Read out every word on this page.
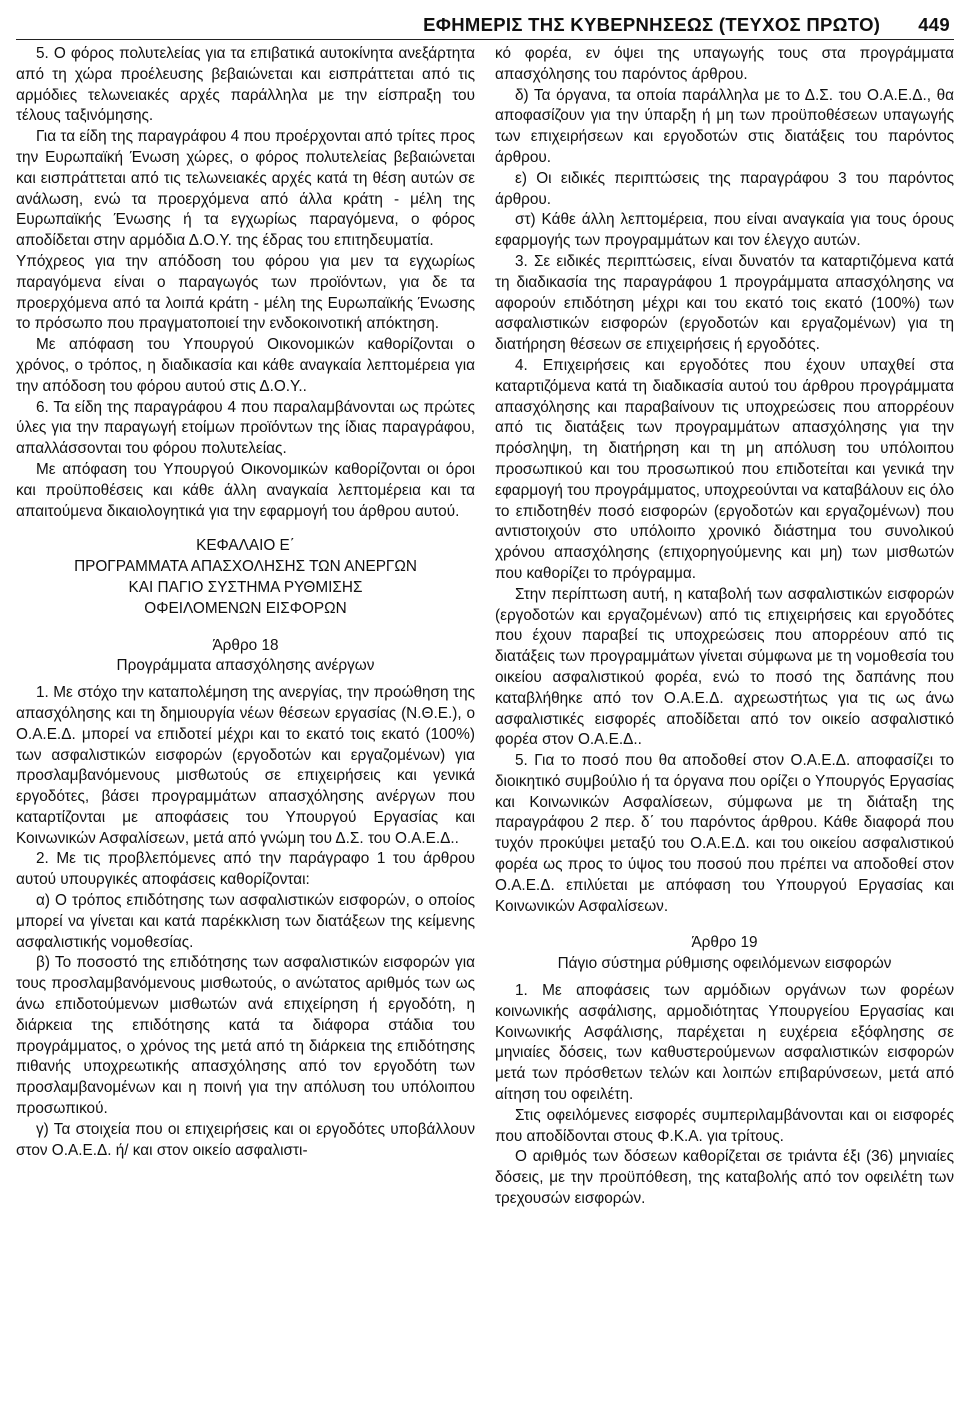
ΕΦΗΜΕΡΙΣ ΤΗΣ ΚΥΒΕΡΝΗΣΕΩΣ (ΤΕΥΧΟΣ ΠΡΩΤΟ) 449

5. Ο φόρος πολυτελείας για τα επιβατικά αυτοκίνητα ανεξάρτητα από τη χώρα προέλευσης βεβαιώνεται και εισπράττεται από τις αρμόδιες τελωνειακές αρχές παράλληλα με την είσπραξη του τέλους ταξινόμησης.

Για τα είδη της παραγράφου 4 που προέρχονται από τρίτες προς την Ευρωπαϊκή Ένωση χώρες, ο φόρος πολυτελείας βεβαιώνεται και εισπράττεται από τις τελωνειακές αρχές κατά τη θέση αυτών σε ανάλωση, ενώ τα προερχόμενα από άλλα κράτη - μέλη της Ευρωπαϊκής Ένωσης ή τα εγχωρίως παραγόμενα, ο φόρος αποδίδεται στην αρμόδια Δ.Ο.Υ. της έδρας του επιτηδευματία.

Υπόχρεος για την απόδοση του φόρου για μεν τα εγχωρίως παραγόμενα είναι ο παραγωγός των προϊόντων, για δε τα προερχόμενα από τα λοιπά κράτη - μέλη της Ευρωπαϊκής Ένωσης το πρόσωπο που πραγματοποιεί την ενδοκοινοτική απόκτηση.

Με απόφαση του Υπουργού Οικονομικών καθορίζονται ο χρόνος, ο τρόπος, η διαδικασία και κάθε αναγκαία λεπτομέρεια για την απόδοση του φόρου αυτού στις Δ.Ο.Υ..

6. Τα είδη της παραγράφου 4 που παραλαμβάνονται ως πρώτες ύλες για την παραγωγή ετοίμων προϊόντων της ίδιας παραγράφου, απαλλάσσονται του φόρου πολυτελείας.

Με απόφαση του Υπουργού Οικονομικών καθορίζονται οι όροι και προϋποθέσεις και κάθε άλλη αναγκαία λεπτομέρεια και τα απαιτούμενα δικαιολογητικά για την εφαρμογή του άρθρου αυτού.

ΚΕΦΑΛΑΙΟ Ε΄
ΠΡΟΓΡΑΜΜΑΤΑ ΑΠΑΣΧΟΛΗΣΗΣ ΤΩΝ ΑΝΕΡΓΩΝ
ΚΑΙ ΠΑΓΙΟ ΣΥΣΤΗΜΑ ΡΥΘΜΙΣΗΣ
ΟΦΕΙΛΟΜΕΝΩΝ ΕΙΣΦΟΡΩΝ
Άρθρο 18
Προγράμματα απασχόλησης ανέργων

1. Με στόχο την καταπολέμηση της ανεργίας, την προώθηση της απασχόλησης και τη δημιουργία νέων θέσεων εργασίας (Ν.Θ.Ε.), ο Ο.Α.Ε.Δ. μπορεί να επιδοτεί μέχρι και το εκατό τοις εκατό (100%) των ασφαλιστικών εισφορών (εργοδοτών και εργαζομένων) για προσλαμβανόμενους μισθωτούς σε επιχειρήσεις και γενικά εργοδότες, βάσει προγραμμάτων απασχόλησης ανέργων που καταρτίζονται με αποφάσεις του Υπουργού Εργασίας και Κοινωνικών Ασφαλίσεων, μετά από γνώμη του Δ.Σ. του Ο.Α.Ε.Δ..

2. Με τις προβλεπόμενες από την παράγραφο 1 του άρθρου αυτού υπουργικές αποφάσεις καθορίζονται:

α) Ο τρόπος επιδότησης των ασφαλιστικών εισφορών, ο οποίος μπορεί να γίνεται και κατά παρέκκλιση των διατάξεων της κείμενης ασφαλιστικής νομοθεσίας.

β) Το ποσοστό της επιδότησης των ασφαλιστικών εισφορών για τους προσλαμβανόμενους μισθωτούς, ο ανώτατος αριθμός των ως άνω επιδοτούμενων μισθωτών ανά επιχείρηση ή εργοδότη, η διάρκεια της επιδότησης κατά τα διάφορα στάδια του προγράμματος, ο χρόνος της μετά από τη διάρκεια της επιδότησης πιθανής υποχρεωτικής απασχόλησης από τον εργοδότη των προσλαμβανομένων και η ποινή για την απόλυση του υπόλοιπου προσωπικού.

γ) Τα στοιχεία που οι επιχειρήσεις και οι εργοδότες υποβάλλουν στον Ο.Α.Ε.Δ. ή/ και στον οικείο ασφαλιστι-

κό φορέα, εν όψει της υπαγωγής τους στα προγράμματα απασχόλησης του παρόντος άρθρου.

δ) Τα όργανα, τα οποία παράλληλα με το Δ.Σ. του Ο.Α.Ε.Δ., θα αποφασίζουν για την ύπαρξη ή μη των προϋποθέσεων υπαγωγής των επιχειρήσεων και εργοδοτών στις διατάξεις του παρόντος άρθρου.

ε) Οι ειδικές περιπτώσεις της παραγράφου 3 του παρόντος άρθρου.

στ) Κάθε άλλη λεπτομέρεια, που είναι αναγκαία για τους όρους εφαρμογής των προγραμμάτων και τον έλεγχο αυτών.

3. Σε ειδικές περιπτώσεις, είναι δυνατόν τα καταρτιζόμενα κατά τη διαδικασία της παραγράφου 1 προγράμματα απασχόλησης να αφορούν επιδότηση μέχρι και του εκατό τοις εκατό (100%) των ασφαλιστικών εισφορών (εργοδοτών και εργαζομένων) για τη διατήρηση θέσεων σε επιχειρήσεις ή εργοδότες.

4. Επιχειρήσεις και εργοδότες που έχουν υπαχθεί στα καταρτιζόμενα κατά τη διαδικασία αυτού του άρθρου προγράμματα απασχόλησης και παραβαίνουν τις υποχρεώσεις που απορρέουν από τις διατάξεις των προγραμμάτων απασχόλησης για την πρόσληψη, τη διατήρηση και τη μη απόλυση του υπόλοιπου προσωπικού και του προσωπικού που επιδοτείται και γενικά την εφαρμογή του προγράμματος, υποχρεούνται να καταβάλουν εις όλο το επιδοτηθέν ποσό εισφορών (εργοδοτών και εργαζομένων) που αντιστοιχούν στο υπόλοιπο χρονικό διάστημα του συνολικού χρόνου απασχόλησης (επιχορηγούμενης και μη) των μισθωτών που καθορίζει το πρόγραμμα.

Στην περίπτωση αυτή, η καταβολή των ασφαλιστικών εισφορών (εργοδοτών και εργαζομένων) από τις επιχειρήσεις και εργοδότες που έχουν παραβεί τις υποχρεώσεις που απορρέουν από τις διατάξεις των προγραμμάτων γίνεται σύμφωνα με τη νομοθεσία του οικείου ασφαλιστικού φορέα, ενώ το ποσό της δαπάνης που καταβλήθηκε από τον Ο.Α.Ε.Δ. αχρεωστήτως για τις ως άνω ασφαλιστικές εισφορές αποδίδεται από τον οικείο ασφαλιστικό φορέα στον Ο.Α.Ε.Δ..

5. Για το ποσό που θα αποδοθεί στον Ο.Α.Ε.Δ. αποφασίζει το διοικητικό συμβούλιο ή τα όργανα που ορίζει ο Υπουργός Εργασίας και Κοινωνικών Ασφαλίσεων, σύμφωνα με τη διάταξη της παραγράφου 2 περ. δ΄ του παρόντος άρθρου. Κάθε διαφορά που τυχόν προκύψει μεταξύ του Ο.Α.Ε.Δ. και του οικείου ασφαλιστικού φορέα ως προς το ύψος του ποσού που πρέπει να αποδοθεί στον Ο.Α.Ε.Δ. επιλύεται με απόφαση του Υπουργού Εργασίας και Κοινωνικών Ασφαλίσεων.

Άρθρο 19
Πάγιο σύστημα ρύθμισης οφειλόμενων εισφορών

1. Με αποφάσεις των αρμόδιων οργάνων των φορέων κοινωνικής ασφάλισης, αρμοδιότητας Υπουργείου Εργασίας και Κοινωνικής Ασφάλισης, παρέχεται η ευχέρεια εξόφλησης σε μηνιαίες δόσεις, των καθυστερούμενων ασφαλιστικών εισφορών μετά των πρόσθετων τελών και λοιπών επιβαρύνσεων, μετά από αίτηση του οφειλέτη.

Στις οφειλόμενες εισφορές συμπεριλαμβάνονται και οι εισφορές που αποδίδονται στους Φ.Κ.Α. για τρίτους.

Ο αριθμός των δόσεων καθορίζεται σε τριάντα έξι (36) μηνιαίες δόσεις, με την προϋπόθεση, της καταβολής από τον οφειλέτη των τρεχουσών εισφορών.
